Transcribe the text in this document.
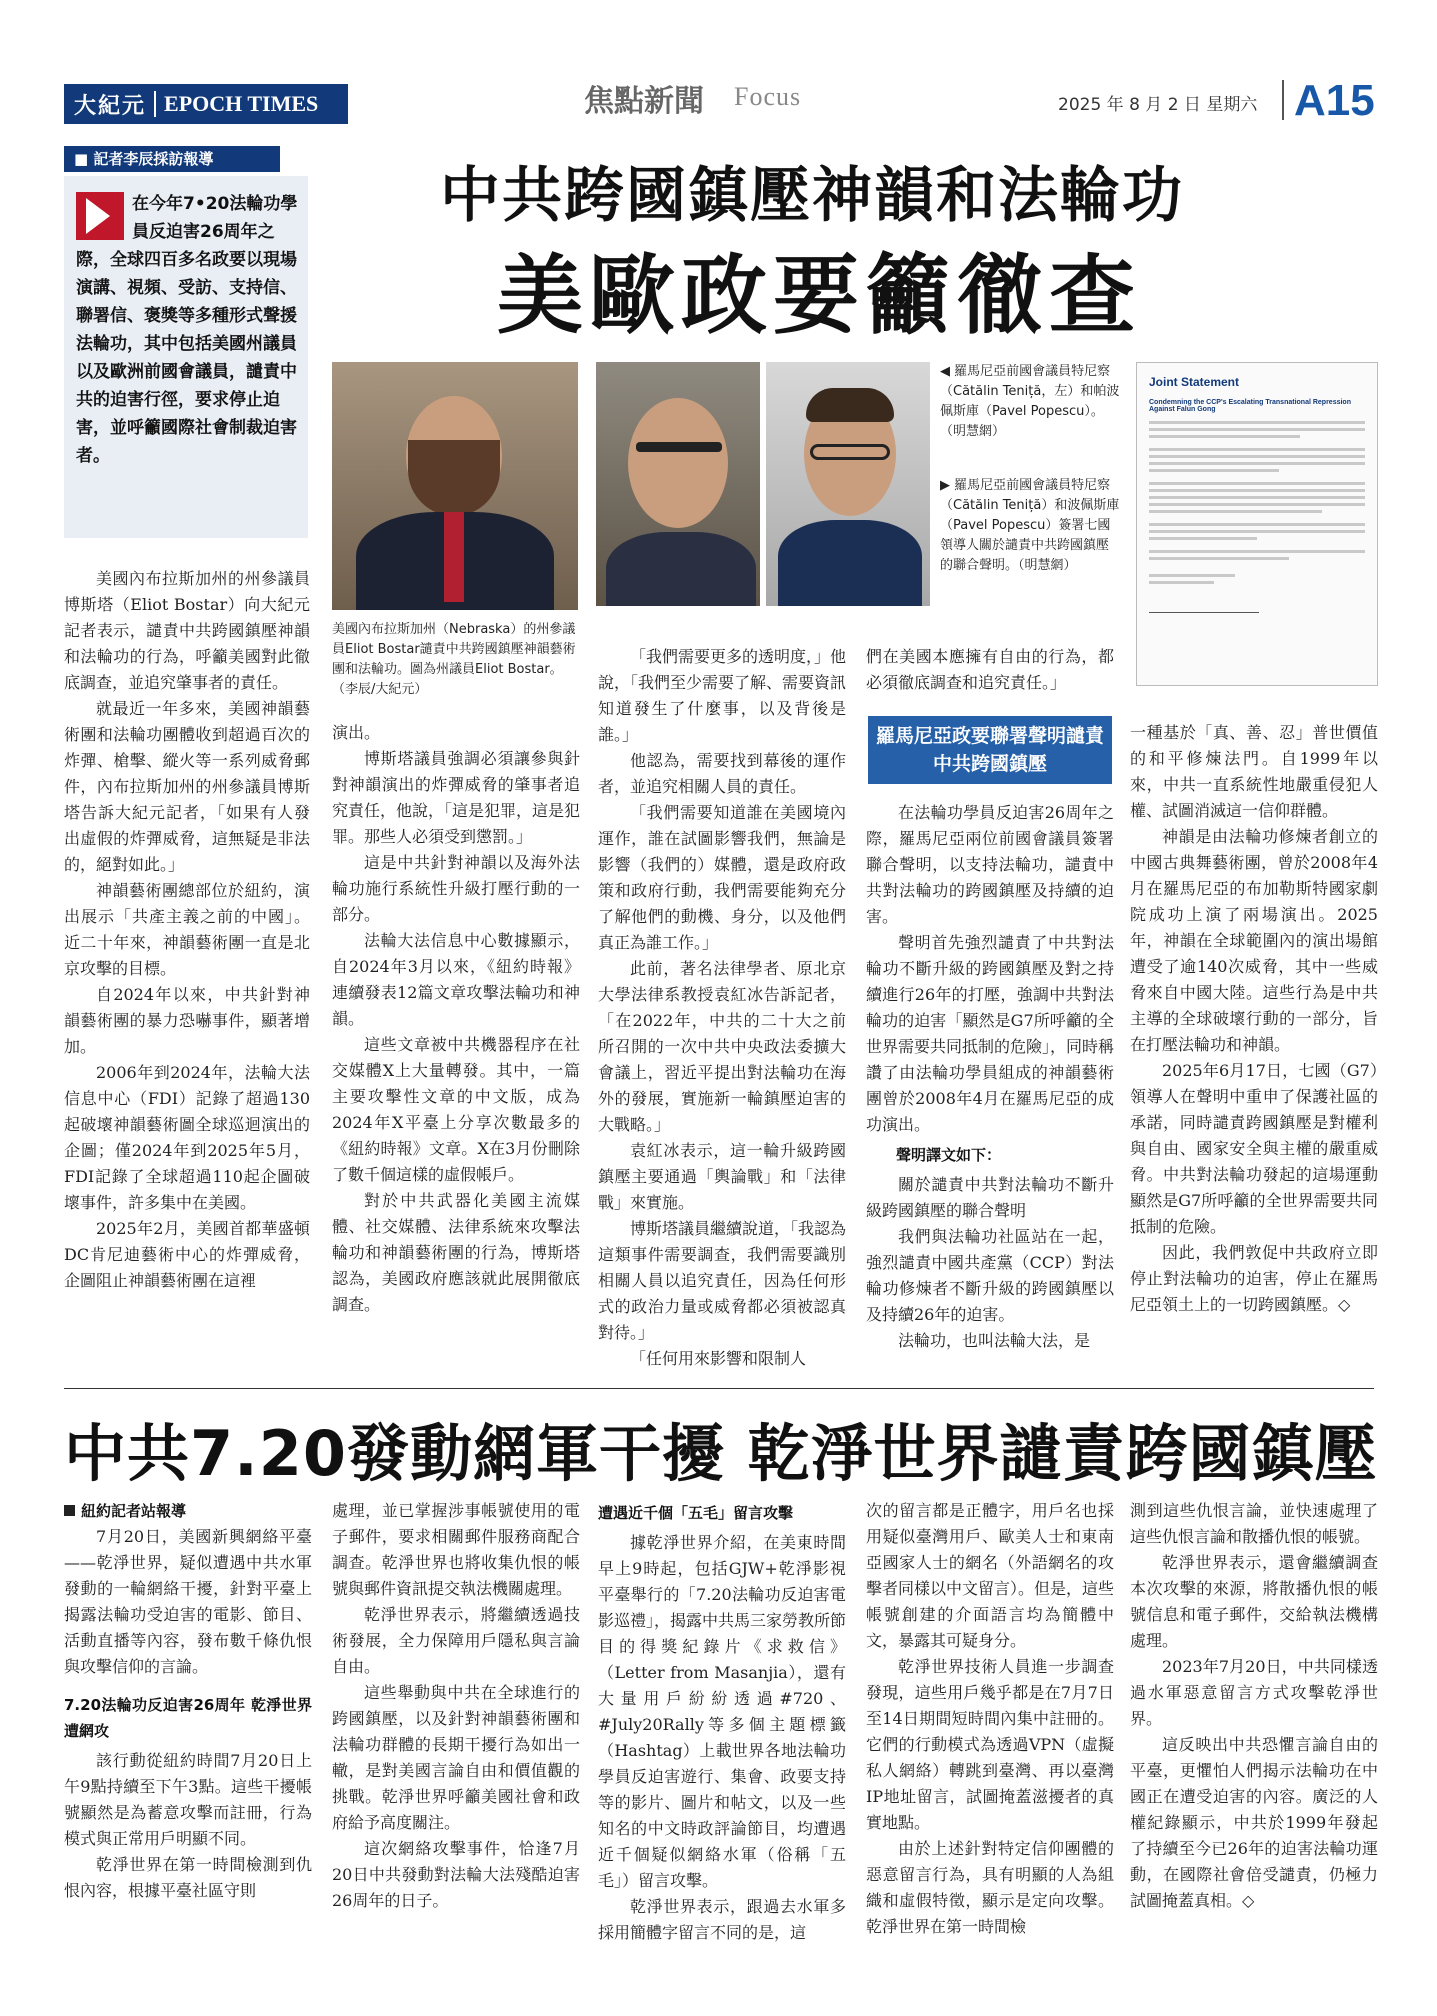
大紀元 EPOCH TIMES	焦點新聞 Focus	2025 年 8 月 2 日 星期六 A15
■ 記者李辰採訪報導
在今年7•20法輪功學員反迫害26周年之際，全球四百多名政要以現場演講、視頻、受訪、支持信、聯署信、褒獎等多種形式聲援法輪功，其中包括美國州議員以及歐洲前國會議員，譴責中共的迫害行徑，要求停止迫害，並呼籲國際社會制裁迫害者。
中共跨國鎮壓神韻和法輪功
美歐政要籲徹查
美國內布拉斯加州（Nebraska）的州參議員Eliot Bostar譴責中共跨國鎮壓神韻藝術團和法輪功。圖為州議員Eliot Bostar。（李辰/大紀元）
◀ 羅馬尼亞前國會議員特尼察（Cătălin Teniță，左）和帕波佩斯庫（Pavel Popescu）。（明慧網）
▶ 羅馬尼亞前國會議員特尼察（Cătălin Teniță）和波佩斯庫（Pavel Popescu）簽署七國領導人關於譴責中共跨國鎮壓的聯合聲明。（明慧網）
Joint Statement
Condemning the CCP's Escalating Transnational Repression Against Falun Gong

美國內布拉斯加州的州參議員博斯塔（Eliot Bostar）向大紀元記者表示，譴責中共跨國鎮壓神韻和法輪功的行為，呼籲美國對此徹底調查，並追究肇事者的責任。

就最近一年多來，美國神韻藝術團和法輪功團體收到超過百次的炸彈、槍擊、縱火等一系列威脅郵件，內布拉斯加州的州參議員博斯塔告訴大紀元記者，「如果有人發出虛假的炸彈威脅，這無疑是非法的，絕對如此。」

神韻藝術團總部位於紐約，演出展示「共產主義之前的中國」。近二十年來，神韻藝術團一直是北京攻擊的目標。

自2024年以來，中共針對神韻藝術團的暴力恐嚇事件，顯著增加。

2006年到2024年，法輪大法信息中心（FDI）記錄了超過130起破壞神韻藝術圖全球巡迴演出的企圖；僅2024年到2025年5月，FDI記錄了全球超過110起企圖破壞事件，許多集中在美國。

2025年2月，美國首都華盛頓DC肯尼迪藝術中心的炸彈威脅，企圖阻止神韻藝術團在這裡

演出。

博斯塔議員強調必須讓參與針對神韻演出的炸彈威脅的肇事者追究責任，他說，「這是犯罪，這是犯罪。那些人必須受到懲罰。」

這是中共針對神韻以及海外法輪功施行系統性升級打壓行動的一部分。

法輪大法信息中心數據顯示，自2024年3月以來，《紐約時報》連續發表12篇文章攻擊法輪功和神韻。

這些文章被中共機器程序在社交媒體X上大量轉發。其中，一篇主要攻擊性文章的中文版，成為2024年X平臺上分享次數最多的《紐約時報》文章。X在3月份刪除了數千個這樣的虛假帳戶。

對於中共武器化美國主流媒體、社交媒體、法律系統來攻擊法輪功和神韻藝術團的行為，博斯塔認為，美國政府應該就此展開徹底調查。

「我們需要更多的透明度，」他說，「我們至少需要了解、需要資訊知道發生了什麼事，以及背後是誰。」

他認為，需要找到幕後的運作者，並追究相關人員的責任。

「我們需要知道誰在美國境內運作，誰在試圖影響我們，無論是影響（我們的）媒體，還是政府政策和政府行動，我們需要能夠充分了解他們的動機、身分，以及他們真正為誰工作。」

此前，著名法律學者、原北京大學法律系教授袁紅冰告訴記者，「在2022年，中共的二十大之前所召開的一次中共中央政法委擴大會議上，習近平提出對法輪功在海外的發展，實施新一輪鎮壓迫害的大戰略。」

袁紅冰表示，這一輪升級跨國鎮壓主要通過「輿論戰」和「法律戰」來實施。

博斯塔議員繼續說道，「我認為這類事件需要調查，我們需要識別相關人員以追究責任，因為任何形式的政治力量或威脅都必須被認真對待。」

「任何用來影響和限制人

們在美國本應擁有自由的行為，都必須徹底調查和追究責任。」

羅馬尼亞政要聯署聲明譴責中共跨國鎮壓

在法輪功學員反迫害26周年之際，羅馬尼亞兩位前國會議員簽署聯合聲明，以支持法輪功，譴責中共對法輪功的跨國鎮壓及持續的迫害。

聲明首先強烈譴責了中共對法輪功不斷升級的跨國鎮壓及對之持續進行26年的打壓，強調中共對法輪功的迫害「顯然是G7所呼籲的全世界需要共同抵制的危險」，同時稱讚了由法輪功學員組成的神韻藝術團曾於2008年4月在羅馬尼亞的成功演出。

聲明譯文如下：

關於譴責中共對法輪功不斷升級跨國鎮壓的聯合聲明

我們與法輪功社區站在一起，強烈譴責中國共產黨（CCP）對法輪功修煉者不斷升級的跨國鎮壓以及持續26年的迫害。

法輪功，也叫法輪大法，是

一種基於「真、善、忍」普世價值的和平修煉法門。自1999年以來，中共一直系統性地嚴重侵犯人權、試圖消滅這一信仰群體。

神韻是由法輪功修煉者創立的中國古典舞藝術團，曾於2008年4月在羅馬尼亞的布加勒斯特國家劇院成功上演了兩場演出。2025年，神韻在全球範圍內的演出場館遭受了逾140次威脅，其中一些威脅來自中國大陸。這些行為是中共主導的全球破壞行動的一部分，旨在打壓法輪功和神韻。

2025年6月17日，七國（G7）領導人在聲明中重申了保護社區的承諾，同時譴責跨國鎮壓是對權利與自由、國家安全與主權的嚴重威脅。中共對法輪功發起的這場運動顯然是G7所呼籲的全世界需要共同抵制的危險。

因此，我們敦促中共政府立即停止對法輪功的迫害，停止在羅馬尼亞領土上的一切跨國鎮壓。◇

中共7.20發動網軍干擾 乾淨世界譴責跨國鎮壓
紐約記者站報導

7月20日，美國新興網絡平臺——乾淨世界，疑似遭遇中共水軍發動的一輪網絡干擾，針對平臺上揭露法輪功受迫害的電影、節目、活動直播等內容，發布數千條仇恨與攻擊信仰的言論。

7.20法輪功反迫害26周年 乾淨世界遭網攻

該行動從紐約時間7月20日上午9點持續至下午3點。這些干擾帳號顯然是為蓄意攻擊而註冊，行為模式與正常用戶明顯不同。

乾淨世界在第一時間檢測到仇恨內容，根據平臺社區守則

處理，並已掌握涉事帳號使用的電子郵件，要求相關郵件服務商配合調查。乾淨世界也將收集仇恨的帳號與郵件資訊提交執法機關處理。

乾淨世界表示，將繼續透過技術發展，全力保障用戶隱私與言論自由。

這些舉動與中共在全球進行的跨國鎮壓，以及針對神韻藝術團和法輪功群體的長期干擾行為如出一轍，是對美國言論自由和價值觀的挑戰。乾淨世界呼籲美國社會和政府給予高度關注。

這次網絡攻擊事件，恰逢7月20日中共發動對法輪大法殘酷迫害26周年的日子。

遭遇近千個「五毛」留言攻擊

據乾淨世界介紹，在美東時間早上9時起，包括GJW+乾淨影視平臺舉行的「7.20法輪功反迫害電影巡禮」，揭露中共馬三家勞教所節目的得獎紀錄片《求救信》（Letter from Masanjia），還有大量用戶紛紛透過#720、#July20Rally等多個主題標籤（Hashtag）上載世界各地法輪功學員反迫害遊行、集會、政要支持等的影片、圖片和帖文，以及一些知名的中文時政評論節目，均遭遇近千個疑似網絡水軍（俗稱「五毛」）留言攻擊。

乾淨世界表示，跟過去水軍多採用簡體字留言不同的是，這

次的留言都是正體字，用戶名也採用疑似臺灣用戶、歐美人士和東南亞國家人士的網名（外語網名的攻擊者同樣以中文留言）。但是，這些帳號創建的介面語言均為簡體中文，暴露其可疑身分。

乾淨世界技術人員進一步調查發現，這些用戶幾乎都是在7月7日至14日期間短時間內集中註冊的。它們的行動模式為透過VPN（虛擬私人網絡）轉跳到臺灣、再以臺灣IP地址留言，試圖掩蓋滋擾者的真實地點。

由於上述針對特定信仰團體的惡意留言行為，具有明顯的人為組織和虛假特徵，顯示是定向攻擊。乾淨世界在第一時間檢

測到這些仇恨言論，並快速處理了這些仇恨言論和散播仇恨的帳號。

乾淨世界表示，還會繼續調查本次攻擊的來源，將散播仇恨的帳號信息和電子郵件，交給執法機構處理。

2023年7月20日，中共同樣透過水軍惡意留言方式攻擊乾淨世界。

這反映出中共恐懼言論自由的平臺，更懼怕人們揭示法輪功在中國正在遭受迫害的內容。廣泛的人權紀錄顯示，中共於1999年發起了持續至今已26年的迫害法輪功運動，在國際社會倍受譴責，仍極力試圖掩蓋真相。◇
